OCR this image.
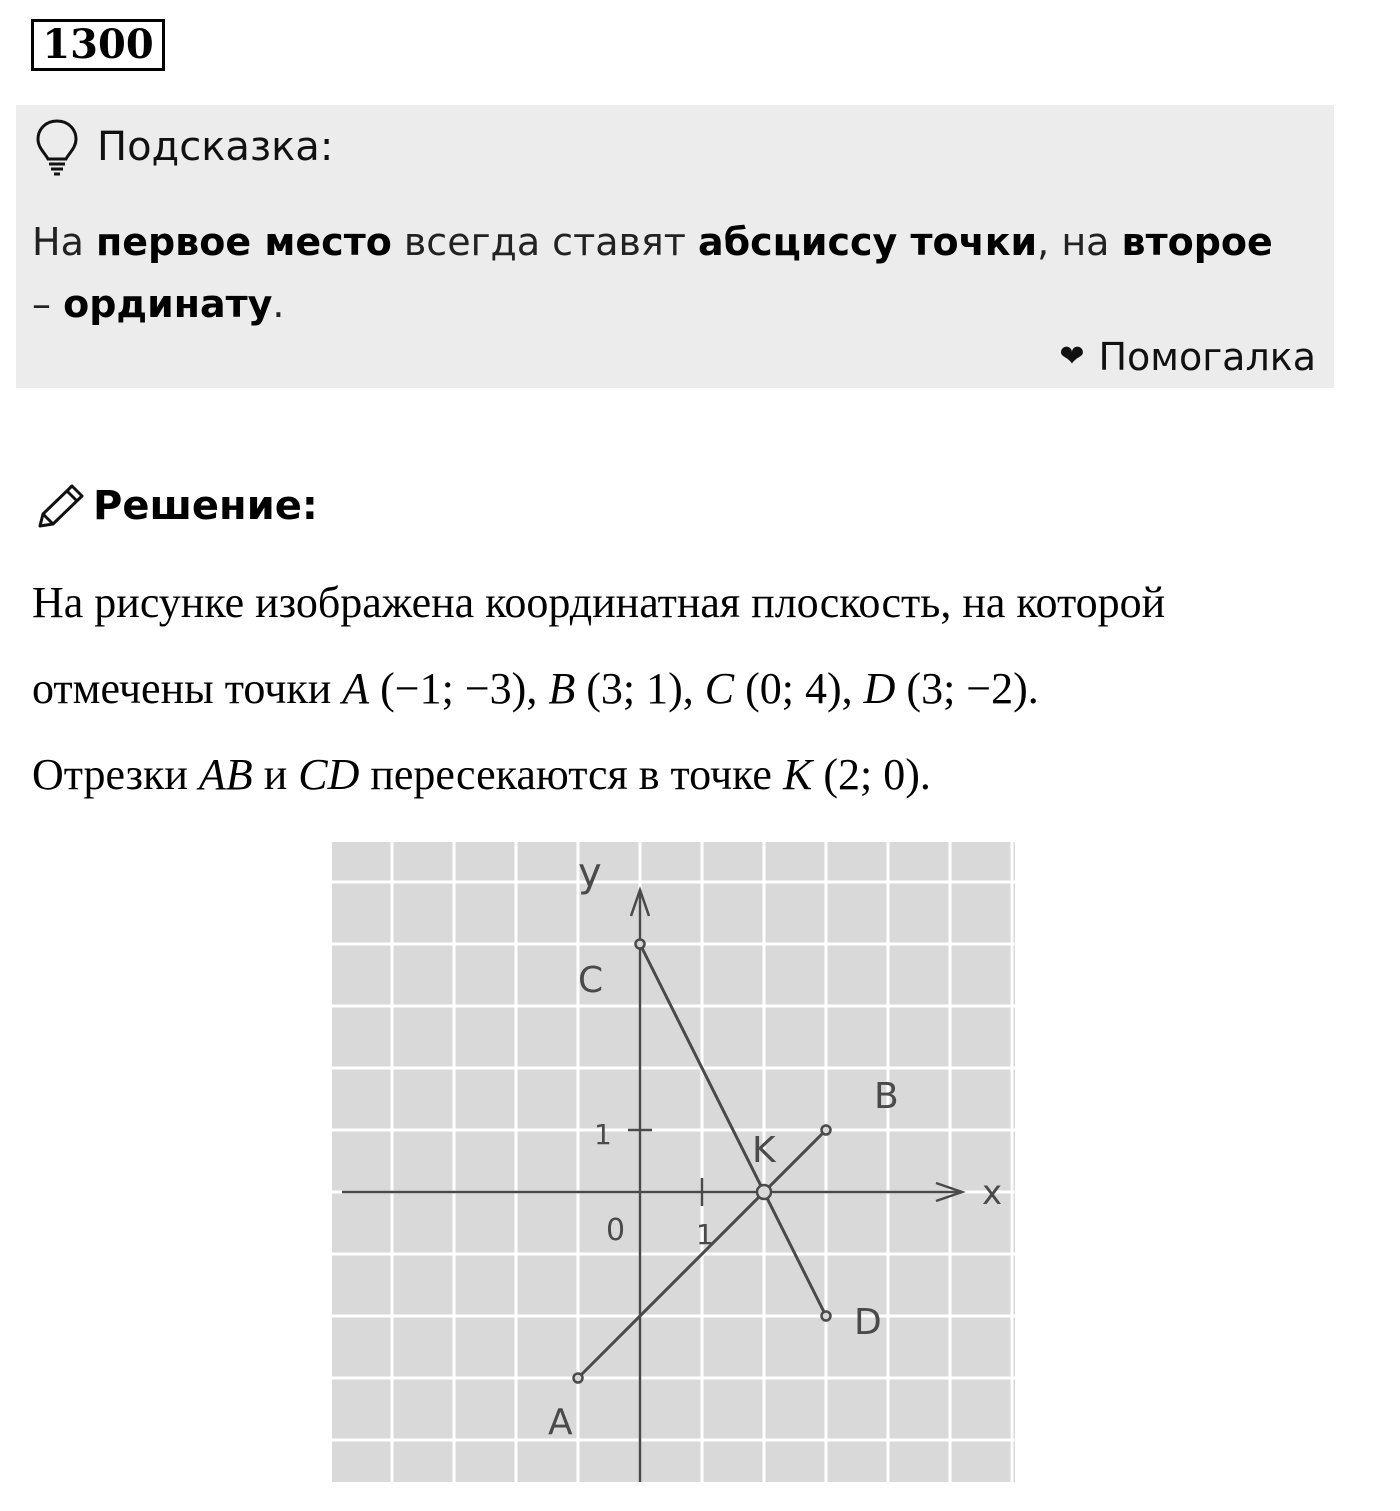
1300
Подсказка:
На первое место всегда ставят абсциссу точки, на второе – ординату.
❤ Помогалка
Решение:

На рисунке изображена координатная плоскость, на которой

отмечены точки A (−1; −3), B (3; 1), C (0; 4), D (3; −2).

Отрезки AB и CD пересекаются в точке K (2; 0).

x
y
0	1
1
A
B
C
D
K
